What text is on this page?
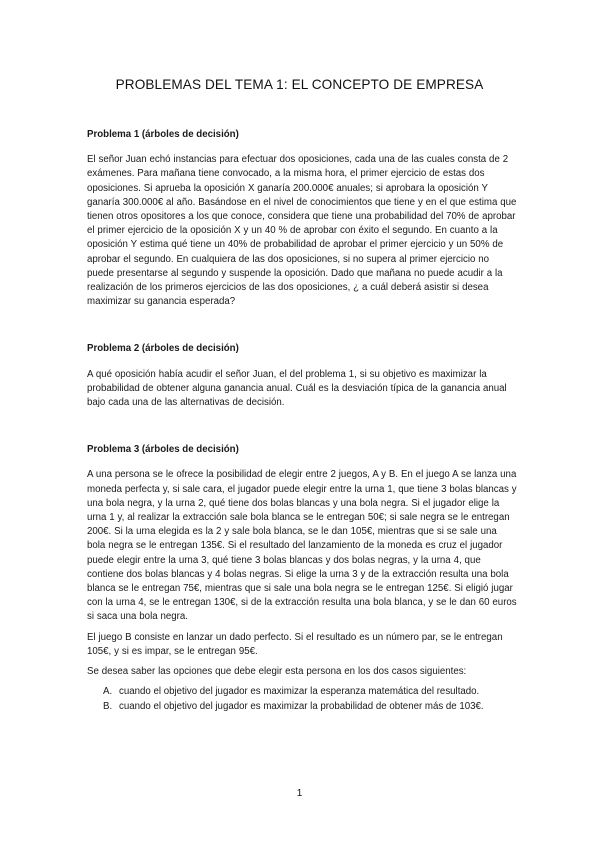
PROBLEMAS DEL TEMA 1: EL CONCEPTO DE EMPRESA

Problema 1 (árboles de decisión)

El señor Juan echó instancias para efectuar dos oposiciones, cada una de las cuales consta de 2 exámenes. Para mañana tiene convocado, a la misma hora, el primer ejercicio de estas dos oposiciones. Si aprueba la oposición X ganaría 200.000€ anuales; si aprobara la oposición Y ganaría 300.000€ al año. Basándose en el nivel de conocimientos que tiene y en el que estima que tienen otros opositores a los que conoce, considera que tiene una probabilidad del 70% de aprobar el primer ejercicio de la oposición X y un 40 % de aprobar con éxito el segundo. En cuanto a la oposición Y estima qué tiene un 40% de probabilidad de aprobar el primer ejercicio y un 50% de aprobar el segundo. En cualquiera de las dos oposiciones, si no supera al primer ejercicio no puede presentarse al segundo y suspende la oposición. Dado que mañana no puede acudir a la realización de los primeros ejercicios de las dos oposiciones, ¿ a cuál deberá asistir si desea maximizar su ganancia esperada?

Problema 2 (árboles de decisión)

A qué oposición había acudir el señor Juan, el del problema 1, si su objetivo es maximizar la probabilidad de obtener alguna ganancia anual. Cuál es la desviación típica de la ganancia anual bajo cada una de las alternativas de decisión.

Problema 3 (árboles de decisión)

A una persona se le ofrece la posibilidad de elegir entre 2 juegos, A y B. En el juego A se lanza una moneda perfecta y, si sale cara, el jugador puede elegir entre la urna 1, que tiene 3 bolas blancas y una bola negra, y la urna 2, qué tiene dos bolas blancas y una bola negra. Si el jugador elige la urna 1 y, al realizar la extracción sale bola blanca se le entregan 50€; si sale negra se le entregan 200€. Si la urna elegida es la 2 y sale bola blanca, se le dan 105€, mientras que si se sale una bola negra se le entregan 135€. Si el resultado del lanzamiento de la moneda es cruz el jugador puede elegir entre la urna 3, qué tiene 3 bolas blancas y dos bolas negras, y la urna 4, que contiene dos bolas blancas y 4 bolas negras. Si elige la urna 3 y de la extracción resulta una bola blanca se le entregan 75€, mientras que si sale una bola negra se le entregan 125€. Si eligió jugar con la urna 4, se le entregan 130€, si de la extracción resulta una bola blanca, y se le dan 60 euros si saca una bola negra.

El juego B consiste en lanzar un dado perfecto. Si el resultado es un número par, se le entregan 105€, y si es impar, se le entregan 95€.

Se desea saber las opciones que debe elegir esta persona en los dos casos siguientes:

A. cuando el objetivo del jugador es maximizar la esperanza matemática del resultado.
B. cuando el objetivo del jugador es maximizar la probabilidad de obtener más de 103€.
1
